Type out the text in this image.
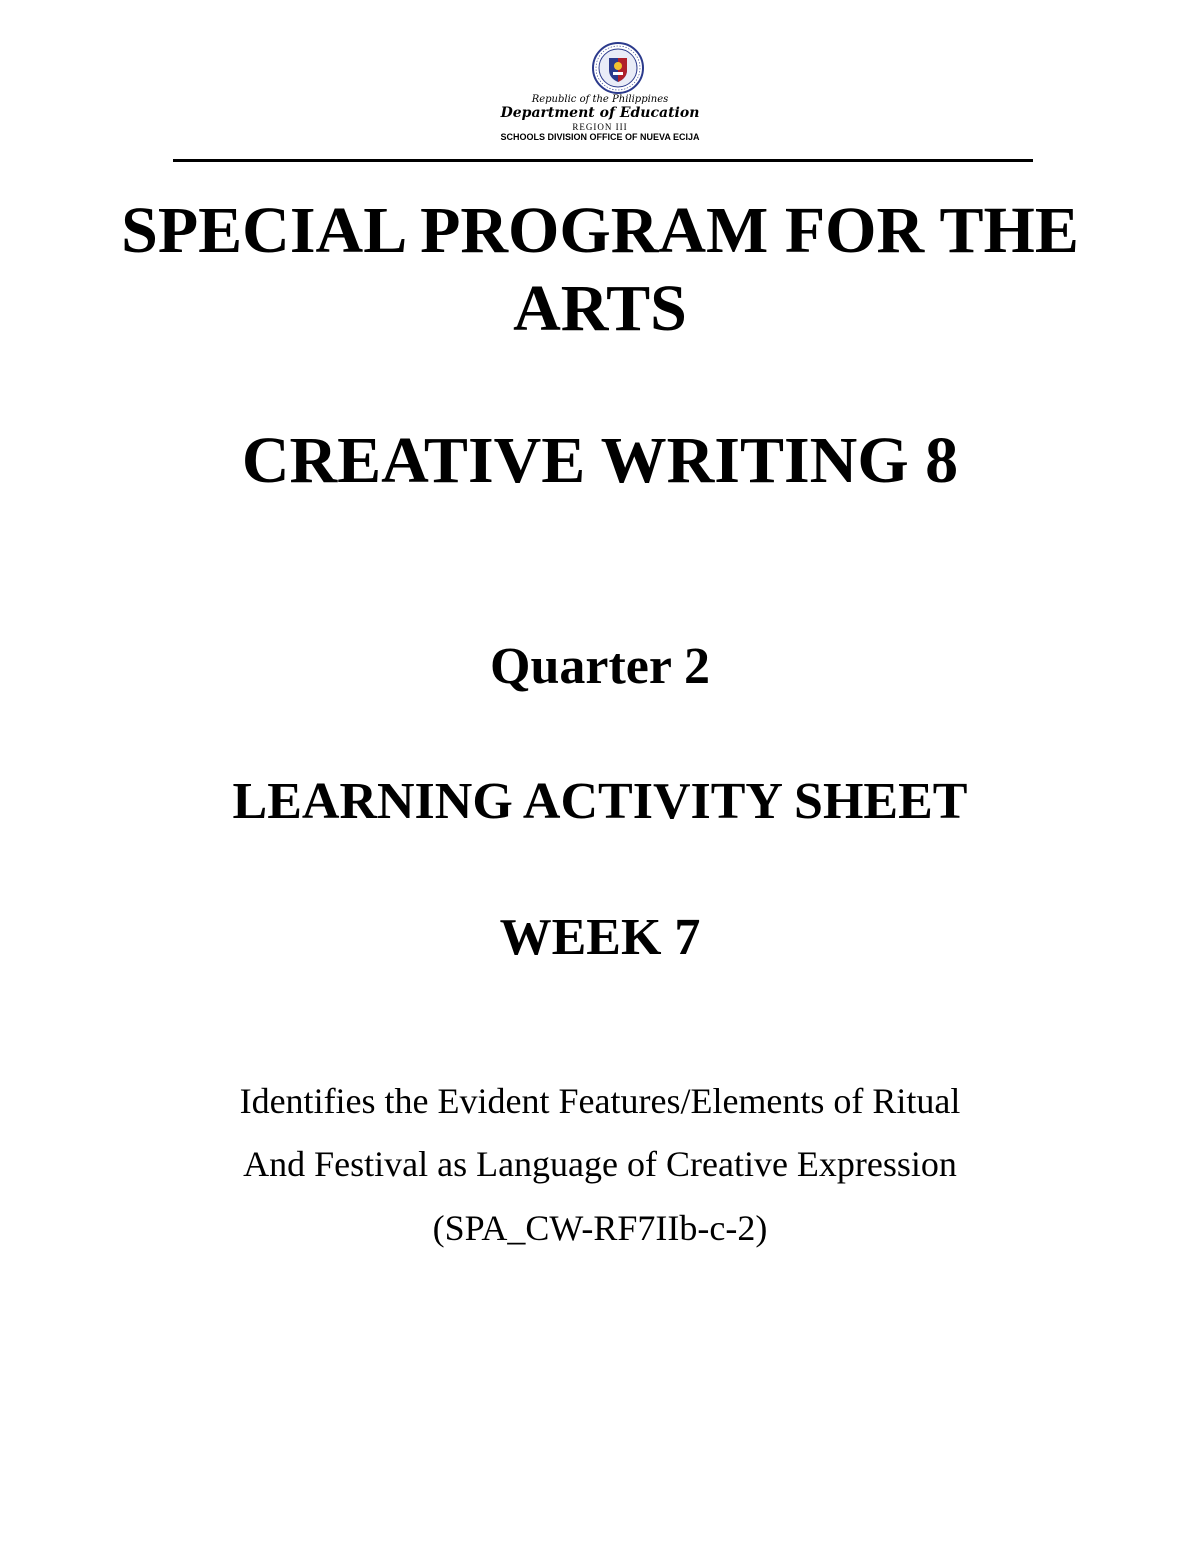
Republic of the Philippines
Department of Education
REGION III
SCHOOLS DIVISION OFFICE OF NUEVA ECIJA
SPECIAL PROGRAM FOR THE ARTS
CREATIVE WRITING 8
Quarter 2
LEARNING ACTIVITY SHEET
WEEK 7
Identifies the Evident Features/Elements of Ritual
And Festival as Language of Creative Expression
(SPA_CW-RF7IIb-c-2)
